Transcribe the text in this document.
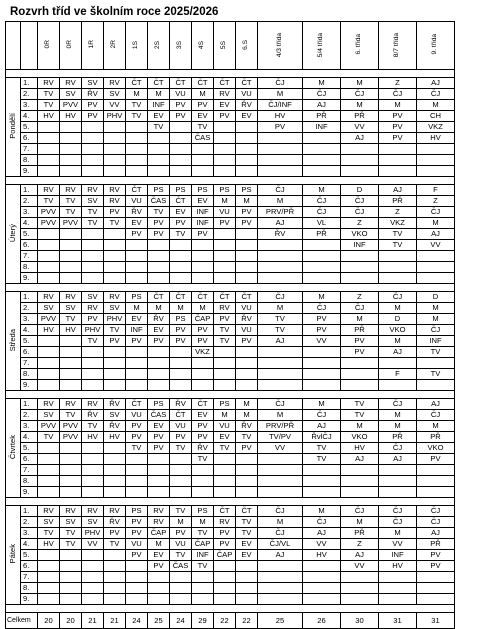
Rozvrh tříd ve školním roce 2025/2026
		0R	0R	1R	2R	1S	2S	3S	4S	5S	6.S	4/3 třída	5/4 třída	6. třída	8/7 třída	9. třída

Pondělí	1.	RV	RV	SV	RV	ČT	ČT	ČT	ČT	ČT	ČT	ČJ	M	M	Z	AJ
	2.	TV	SV	ŘV	SV	M	M	VU	M	RV	VU	M	ČJ	ČJ	ČJ	ČJ
	3.	TV	PVV	PV	VV	TV	INF	PV	PV	EV	ŘV	ČJ/INF	AJ	M	M	M
	4.	HV	HV	PV	PHV	TV	EV	PV	EV	PV	EV	HV	PŘ	PŘ	PV	CH
	5.						TV		TV			PV	INF	VV	PV	VKZ
	6.								ČAS					AJ	PV	HV
	7.															
	8.															
	9.															

Úterý	1.	RV	RV	RV	RV	ČT	PS	PS	PS	PS	PS	ČJ	M	D	AJ	F
	2.	TV	TV	SV	RV	VU	ČAS	ČT	EV	M	M	M	ČJ	ČJ	PŘ	Z
	3.	PVV	TV	TV	PV	ŘV	TV	EV	INF	VU	PV	PRV/PŘ	ČJ	ČJ	Z	ČJ
	4.	PVV	PVV	TV	TV	EV	PV	PV	INF	PV	PV	AJ	VL	Z	VKZ	M
	5.					PV	PV	TV	PV			ŘV	PŘ	VKO	TV	AJ
	6.													INF	TV	VV
	7.															
	8.															
	9.															

Středa	1.	RV	RV	SV	RV	PS	ČT	ČT	ČT	ČT	ČT	ČJ	M	Z	ČJ	D
	2.	SV	SV	RV	SV	M	M	M	M	RV	VU	M	ČJ	ČJ	M	M
	3.	PVV	TV	PV	PHV	EV	ŘV	PS	ČAP	PV	ŘV	TV	PV	M	D	M
	4.	HV	HV	PHV	TV	INF	EV	PV	PV	TV	VU	TV	PV	PŘ	VKO	ČJ
	5.			TV	PV	PV	PV	PV	PV	TV	PV	AJ	VV	PV	M	INF
	6.								VKZ					PV	AJ	TV
	7.															
	8.														F	TV
	9.															

Čtvrtek	1.	RV	RV	RV	ŘV	ČT	PS	ŘV	ČT	PS	M	ČJ	M	TV	ČJ	AJ
	2.	SV	TV	ŘV	SV	VU	ČAS	ČT	EV	M	M	M	ČJ	TV	M	ČJ
	3.	PVV	PVV	TV	ŘV	PV	EV	VU	PV	VU	ŘV	PRV/PŘ	AJ	M	M	M
	4.	TV	PVV	HV	HV	PV	PV	PV	PV	EV	TV	TV/PV	ŘvlČJ	VKO	PŘ	PŘ
	5.					TV	PV	TV	ŘV	TV	PV	VV	TV	HV	ČJ	VKO
	6.								TV				TV	AJ	AJ	PV
	7.															
	8.															
	9.															

Pátek	1.	RV	RV	RV	RV	PS	RV	TV	PS	ČT	ČT	ČJ	M	ČJ	ČJ	ČJ
	2.	SV	SV	SV	ŘV	PV	RV	M	M	RV	TV	M	ČJ	M	ČJ	ČJ
	3.	TV	TV	PHV	PV	PV	ČAP	PV	TV	PV	TV	ČJ	AJ	PŘ	M	AJ
	4.	HV	TV	VV	TV	VU	M	VU	ČAP	PV	EV	ČJ/VL	VV	Z	VV	PŘ
	5.					PV	EV	TV	INF	ČAP	EV	AJ	HV	AJ	INF	PV
	6.						PV	ČAS	TV					VV	HV	PV
	7.															
	8.															
	9.															

Celkem		20	20	21	21	24	25	24	29	22	22	25	26	30	31	31
